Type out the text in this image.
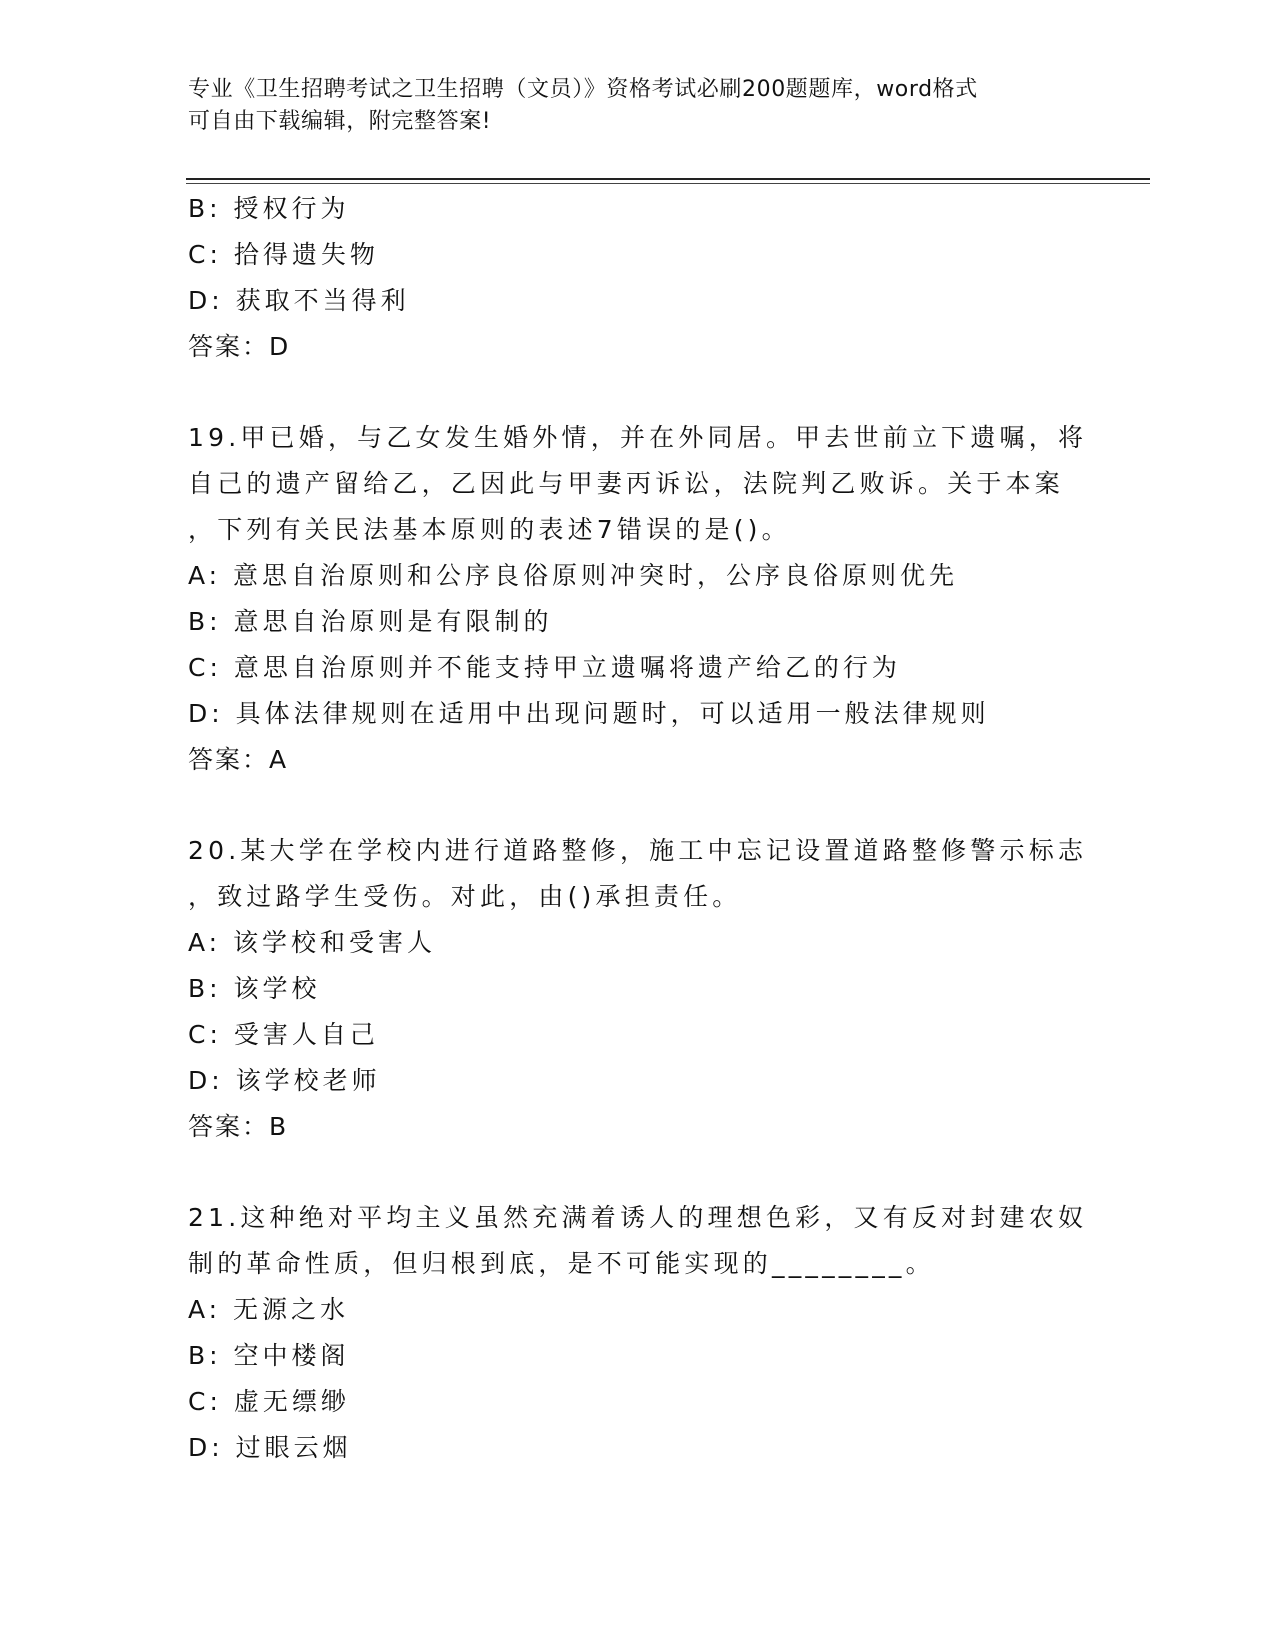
专业《卫生招聘考试之卫生招聘（文员）》资格考试必刷200题题库，word格式
可自由下载编辑，附完整答案!
B: 授权行为
C: 拾得遗失物
D: 获取不当得利
答案：D
19.甲已婚，与乙女发生婚外情，并在外同居。甲去世前立下遗嘱，将
自己的遗产留给乙，乙因此与甲妻丙诉讼，法院判乙败诉。关于本案
，下列有关民法基本原则的表述7错误的是()。
A: 意思自治原则和公序良俗原则冲突时，公序良俗原则优先
B: 意思自治原则是有限制的
C: 意思自治原则并不能支持甲立遗嘱将遗产给乙的行为
D: 具体法律规则在适用中出现问题时，可以适用一般法律规则
答案：A
20.某大学在学校内进行道路整修，施工中忘记设置道路整修警示标志
，致过路学生受伤。对此，由()承担责任。
A: 该学校和受害人
B: 该学校
C: 受害人自己
D: 该学校老师
答案：B
21.这种绝对平均主义虽然充满着诱人的理想色彩，又有反对封建农奴
制的革命性质，但归根到底，是不可能实现的________。
A: 无源之水
B: 空中楼阁
C: 虚无缥缈
D: 过眼云烟
